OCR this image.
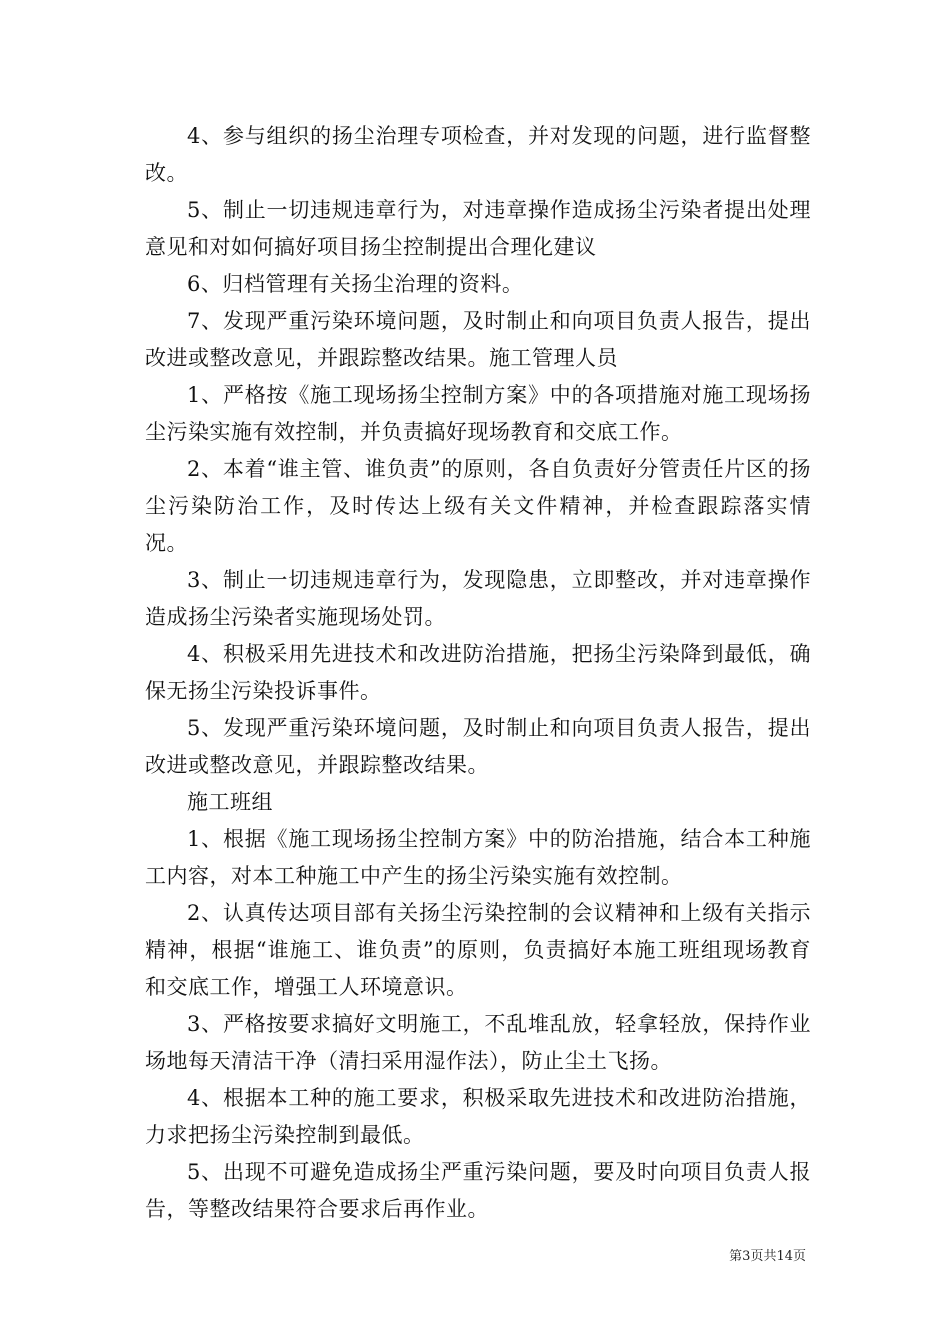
4、参与组织的扬尘治理专项检查，并对发现的问题，进行监督整改。

5、制止一切违规违章行为，对违章操作造成扬尘污染者提出处理意见和对如何搞好项目扬尘控制提出合理化建议

6、归档管理有关扬尘治理的资料。

7、发现严重污染环境问题，及时制止和向项目负责人报告，提出改进或整改意见，并跟踪整改结果。施工管理人员

1、严格按《施工现场扬尘控制方案》中的各项措施对施工现场扬尘污染实施有效控制，并负责搞好现场教育和交底工作。

2、本着“谁主管、谁负责”的原则，各自负责好分管责任片区的扬尘污染防治工作，及时传达上级有关文件精神，并检查跟踪落实情况。

3、制止一切违规违章行为，发现隐患，立即整改，并对违章操作造成扬尘污染者实施现场处罚。

4、积极采用先进技术和改进防治措施，把扬尘污染降到最低，确保无扬尘污染投诉事件。

5、发现严重污染环境问题，及时制止和向项目负责人报告，提出改进或整改意见，并跟踪整改结果。

施工班组

1、根据《施工现场扬尘控制方案》中的防治措施，结合本工种施工内容，对本工种施工中产生的扬尘污染实施有效控制。

2、认真传达项目部有关扬尘污染控制的会议精神和上级有关指示精神，根据“谁施工、谁负责”的原则，负责搞好本施工班组现场教育和交底工作，增强工人环境意识。

3、严格按要求搞好文明施工，不乱堆乱放，轻拿轻放，保持作业场地每天清洁干净（清扫采用湿作法），防止尘土飞扬。

4、根据本工种的施工要求，积极采取先进技术和改进防治措施，力求把扬尘污染控制到最低。

5、出现不可避免造成扬尘严重污染问题，要及时向项目负责人报告，等整改结果符合要求后再作业。

第3页共14页
